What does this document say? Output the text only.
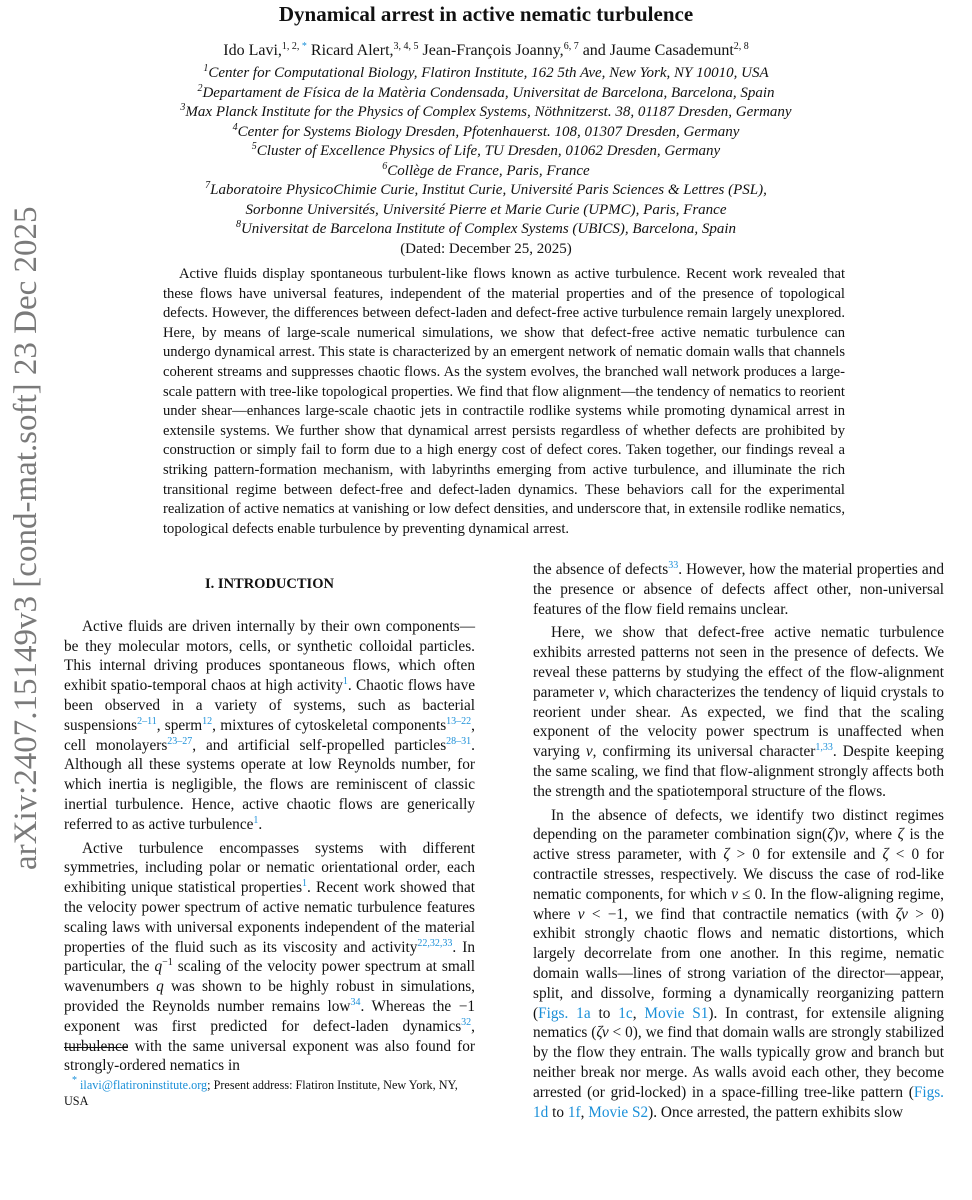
arXiv:2407.15149v3 [cond-mat.soft] 23 Dec 2025
Dynamical arrest in active nematic turbulence
Ido Lavi,$^{1, 2,}$ * Ricard Alert,$^{3, 4, 5}$ Jean-François Joanny,$^{6, 7}$ and Jaume Casademunt$^{2, 8}$
$^1$Center for Computational Biology, Flatiron Institute, 162 5th Ave, New York, NY 10010, USA
$^2$Departament de Física de la Matèria Condensada, Universitat de Barcelona, Barcelona, Spain
$^3$Max Planck Institute for the Physics of Complex Systems, Nöthnitzerst. 38, 01187 Dresden, Germany
$^4$Center for Systems Biology Dresden, Pfotenhauerst. 108, 01307 Dresden, Germany
$^5$Cluster of Excellence Physics of Life, TU Dresden, 01062 Dresden, Germany
$^6$Collège de France, Paris, France
$^7$Laboratoire PhysicoChimie Curie, Institut Curie, Université Paris Sciences & Lettres (PSL),
Sorbonne Universités, Université Pierre et Marie Curie (UPMC), Paris, France
$^8$Universitat de Barcelona Institute of Complex Systems (UBICS), Barcelona, Spain
(Dated: December 25, 2025)
Active fluids display spontaneous turbulent-like flows known as active turbulence. Recent work revealed that these flows have universal features, independent of the material properties and of the presence of topological defects. However, the differences between defect-laden and defect-free active turbulence remain largely unexplored. Here, by means of large-scale numerical simulations, we show that defect-free active nematic turbulence can undergo dynamical arrest. This state is characterized by an emergent network of nematic domain walls that channels coherent streams and suppresses chaotic flows. As the system evolves, the branched wall network produces a large-scale pattern with tree-like topological properties. We find that flow alignment—the tendency of nematics to reorient under shear—enhances large-scale chaotic jets in contractile rodlike systems while promoting dynamical arrest in extensile systems. We further show that dynamical arrest persists regardless of whether defects are prohibited by construction or simply fail to form due to a high energy cost of defect cores. Taken together, our findings reveal a striking pattern-formation mechanism, with labyrinths emerging from active turbulence, and illuminate the rich transitional regime between defect-free and defect-laden dynamics. These behaviors call for the experimental realization of active nematics at vanishing or low defect densities, and underscore that, in extensile rodlike nematics, topological defects enable turbulence by preventing dynamical arrest.
I. INTRODUCTION

Active fluids are driven internally by their own components—be they molecular motors, cells, or synthetic colloidal particles. This internal driving produces spontaneous flows, which often exhibit spatio-temporal chaos at high activity$^1$. Chaotic flows have been observed in a variety of systems, such as bacterial suspensions$^{2-11}$, sperm$^{12}$, mixtures of cytoskeletal components$^{13-22}$, cell monolayers$^{23-27}$, and artificial self-propelled particles$^{28-31}$. Although all these systems operate at low Reynolds number, for which inertia is negligible, the flows are reminiscent of classic inertial turbulence. Hence, active chaotic flows are generically referred to as active turbulence$^1$.

Active turbulence encompasses systems with different symmetries, including polar or nematic orientational order, each exhibiting unique statistical properties$^1$. Recent work showed that the velocity power spectrum of active nematic turbulence features scaling laws with universal exponents independent of the material properties of the fluid such as its viscosity and activity$^{22,32,33}$. In particular, the $q^{-1}$ scaling of the velocity power spectrum at small wavenumbers q was shown to be highly robust in simulations, provided the Reynolds number remains low$^{34}$. Whereas the −1 exponent was first predicted for defect-laden dynamics$^{32}$, turbulence with the same universal exponent was also found for strongly-ordered nematics in

the absence of defects$^{33}$. However, how the material properties and the presence or absence of defects affect other, non-universal features of the flow field remains unclear.

Here, we show that defect-free active nematic turbulence exhibits arrested patterns not seen in the presence of defects. We reveal these patterns by studying the effect of the flow-alignment parameter ν, which characterizes the tendency of liquid crystals to reorient under shear. As expected, we find that the scaling exponent of the velocity power spectrum is unaffected when varying ν, confirming its universal character$^{1,33}$. Despite keeping the same scaling, we find that flow-alignment strongly affects both the strength and the spatiotemporal structure of the flows.

In the absence of defects, we identify two distinct regimes depending on the parameter combination sign(ζ)ν, where ζ is the active stress parameter, with ζ > 0 for extensile and ζ < 0 for contractile stresses, respectively. We discuss the case of rod-like nematic components, for which ν ≤ 0. In the flow-aligning regime, where ν < −1, we find that contractile nematics (with ζν > 0) exhibit strongly chaotic flows and nematic distortions, which largely decorrelate from one another. In this regime, nematic domain walls—lines of strong variation of the director—appear, split, and dissolve, forming a dynamically reorganizing pattern (Figs. 1a to 1c, Movie S1). In contrast, for extensile aligning nematics (ζν < 0), we find that domain walls are strongly stabilized by the flow they entrain. The walls typically grow and branch but neither break nor merge. As walls avoid each other, they become arrested (or grid-locked) in a space-filling tree-like pattern (Figs. 1d to 1f, Movie S2). Once arrested, the pattern exhibits slow

* ilavi@flatironinstitute.org; Present address: Flatiron Institute, New York, NY, USA
